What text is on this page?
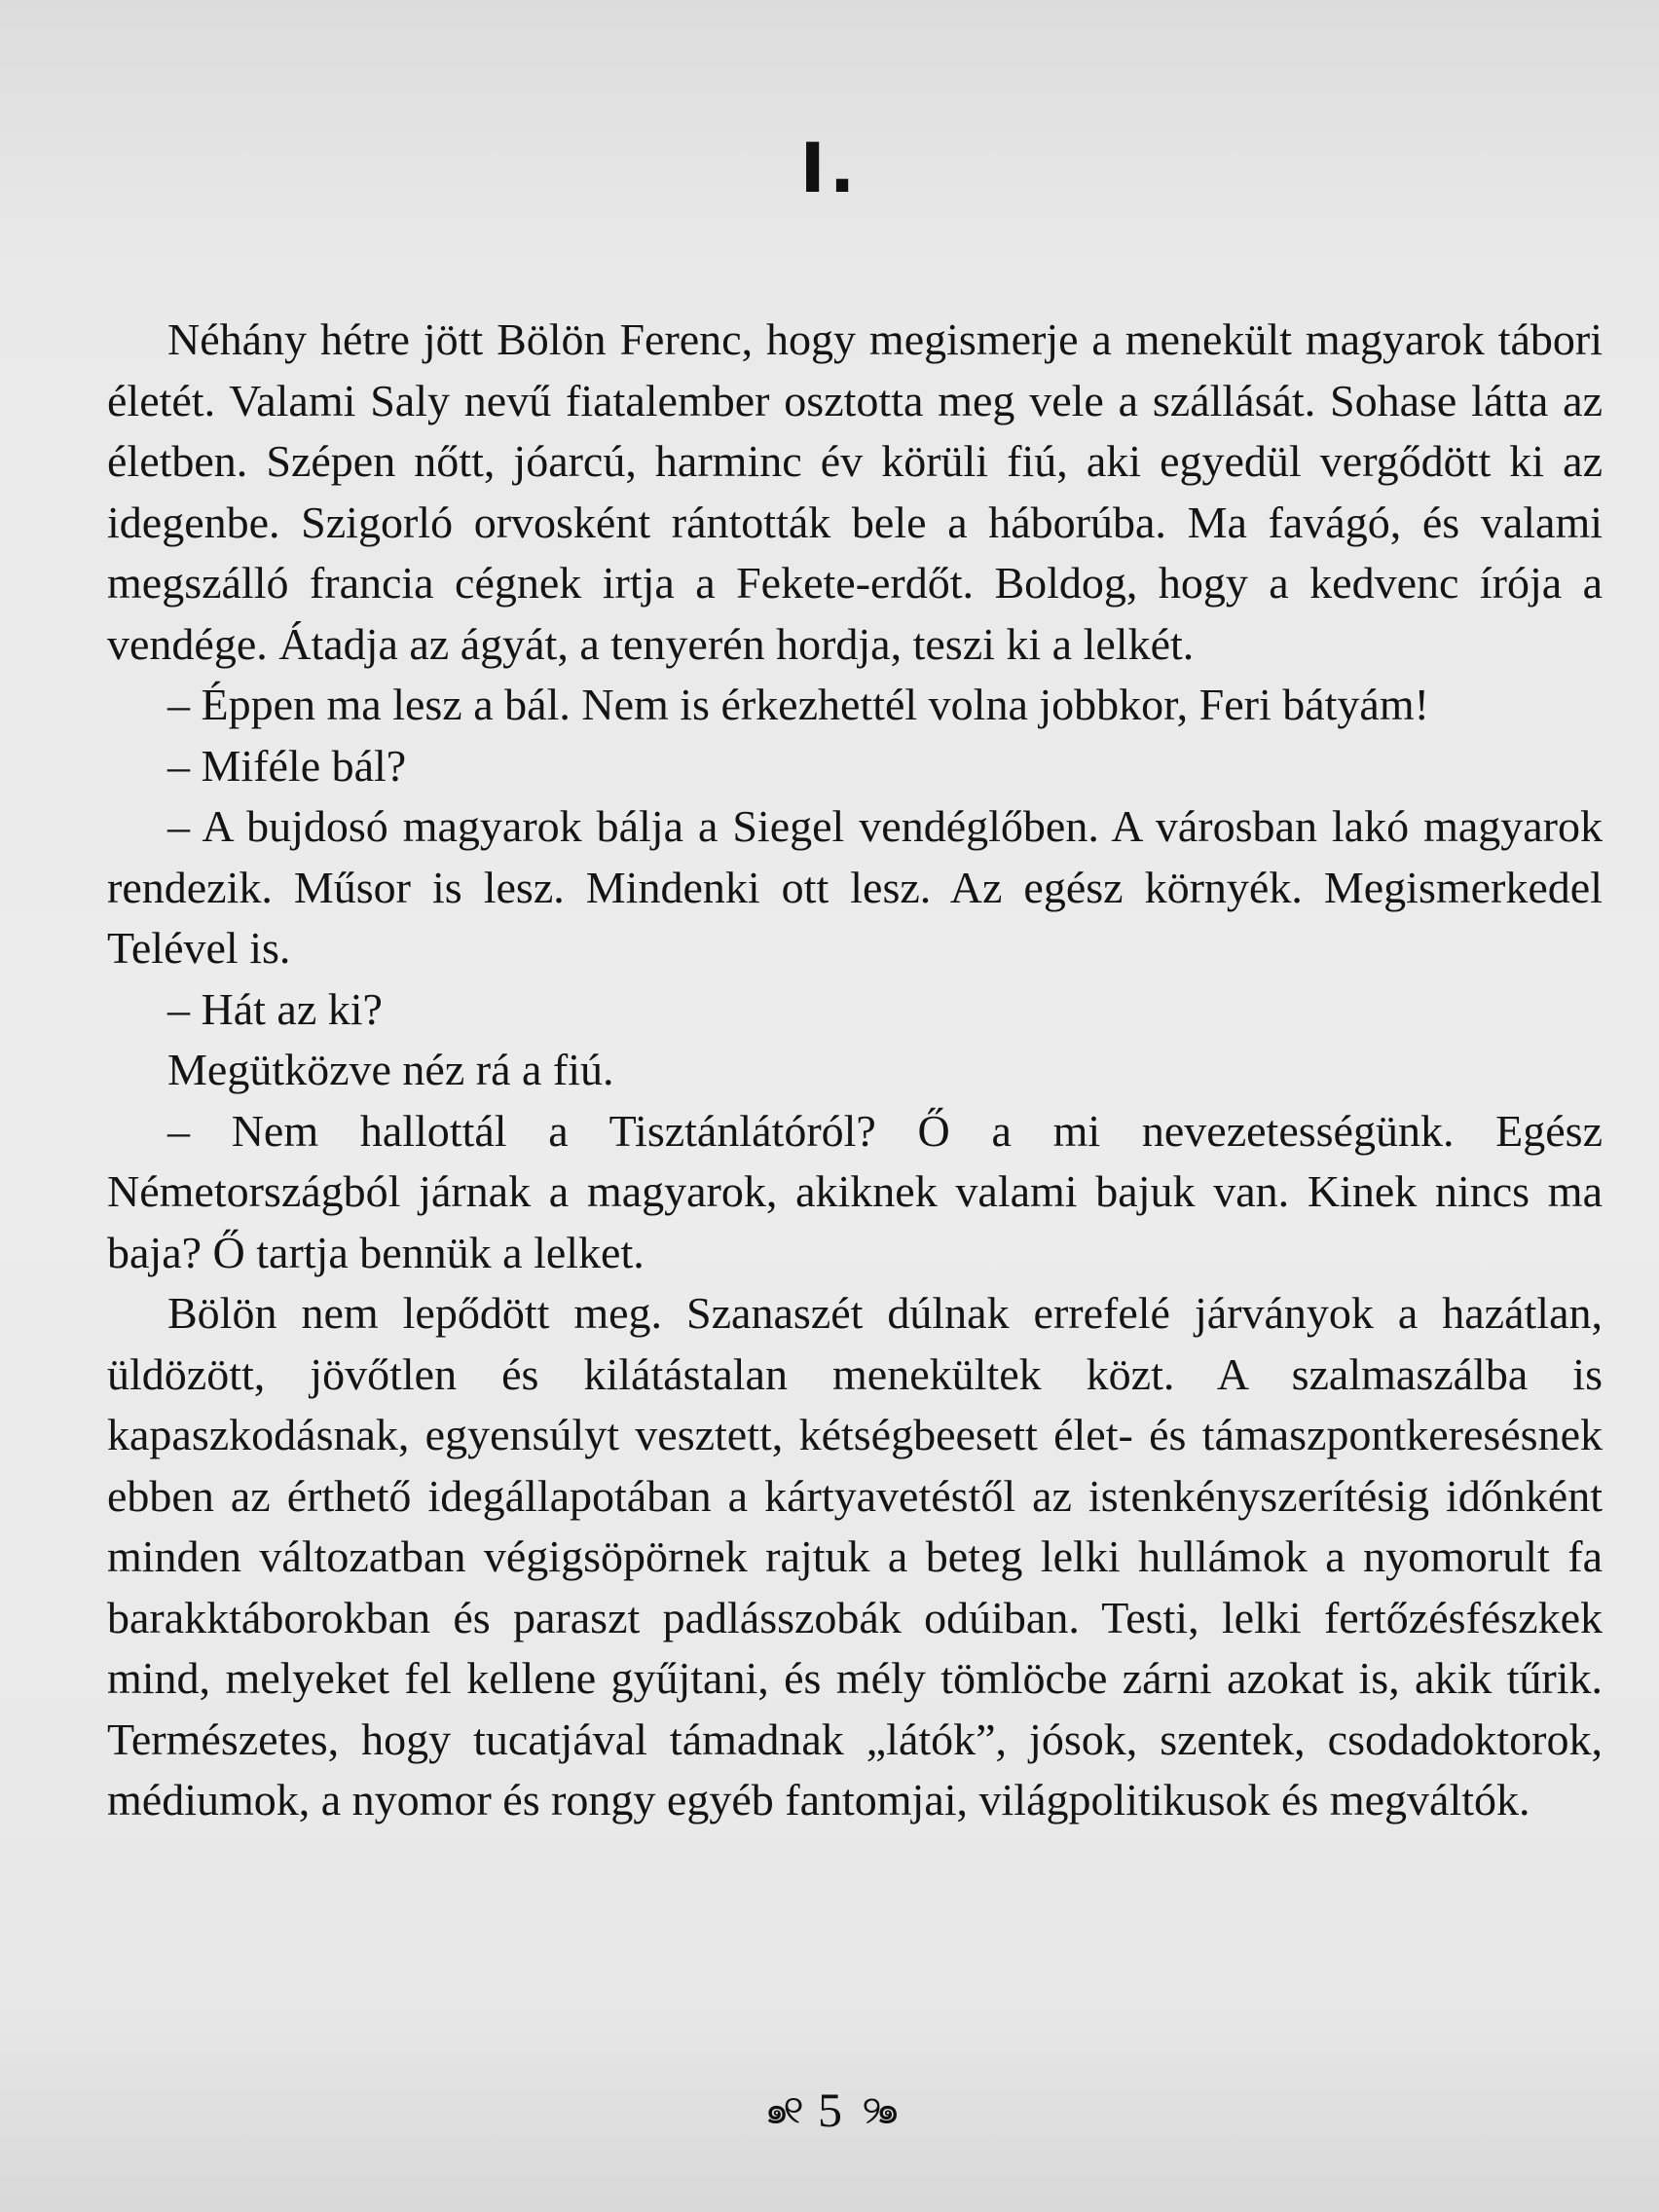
I.

Néhány hétre jött Bölön Ferenc, hogy megismerje a menekült magyarok tábori életét. Valami Saly nevű fiatalember osztotta meg vele a szállását. Sohase látta az életben. Szépen nőtt, jóarcú, harminc év körüli fiú, aki egyedül vergődött ki az idegenbe. Szigorló orvosként rántották bele a háborúba. Ma favágó, és valami megszálló francia cégnek irtja a Fekete-erdőt. Boldog, hogy a kedvenc írója a vendége. Átadja az ágyát, a tenyerén hordja, teszi ki a lelkét.

– Éppen ma lesz a bál. Nem is érkezhettél volna jobbkor, Feri bátyám!

– Miféle bál?

– A bujdosó magyarok bálja a Siegel vendéglőben. A városban lakó magyarok rendezik. Műsor is lesz. Mindenki ott lesz. Az egész környék. Megismerkedel Telével is.

– Hát az ki?

Megütközve néz rá a fiú.

– Nem hallottál a Tisztánlátóról? Ő a mi nevezetességünk. Egész Németországból járnak a magyarok, akiknek valami bajuk van. Kinek nincs ma baja? Ő tartja bennük a lelket.

Bölön nem lepődött meg. Szanaszét dúlnak errefelé járványok a hazátlan, üldözött, jövőtlen és kilátástalan menekültek közt. A szalmaszálba is kapaszkodásnak, egyensúlyt vesztett, kétségbeesett élet- és támaszpontkeresésnek ebben az érthető idegállapotában a kártyavetéstől az istenkényszerítésig időnként minden változatban végigsöpörnek rajtuk a beteg lelki hullámok a nyomorult fa barakktáborokban és paraszt padlásszobák odúiban. Testi, lelki fertőzésfészkek mind, melyeket fel kellene gyűjtani, és mély tömlöcbe zárni azokat is, akik tűrik. Természetes, hogy tucatjával támadnak „látók”, jósok, szentek, csodadoktorok, médiumok, a nyomor és rongy egyéb fantomjai, világpolitikusok és megváltók.

๑୧ 5 ୨๑
